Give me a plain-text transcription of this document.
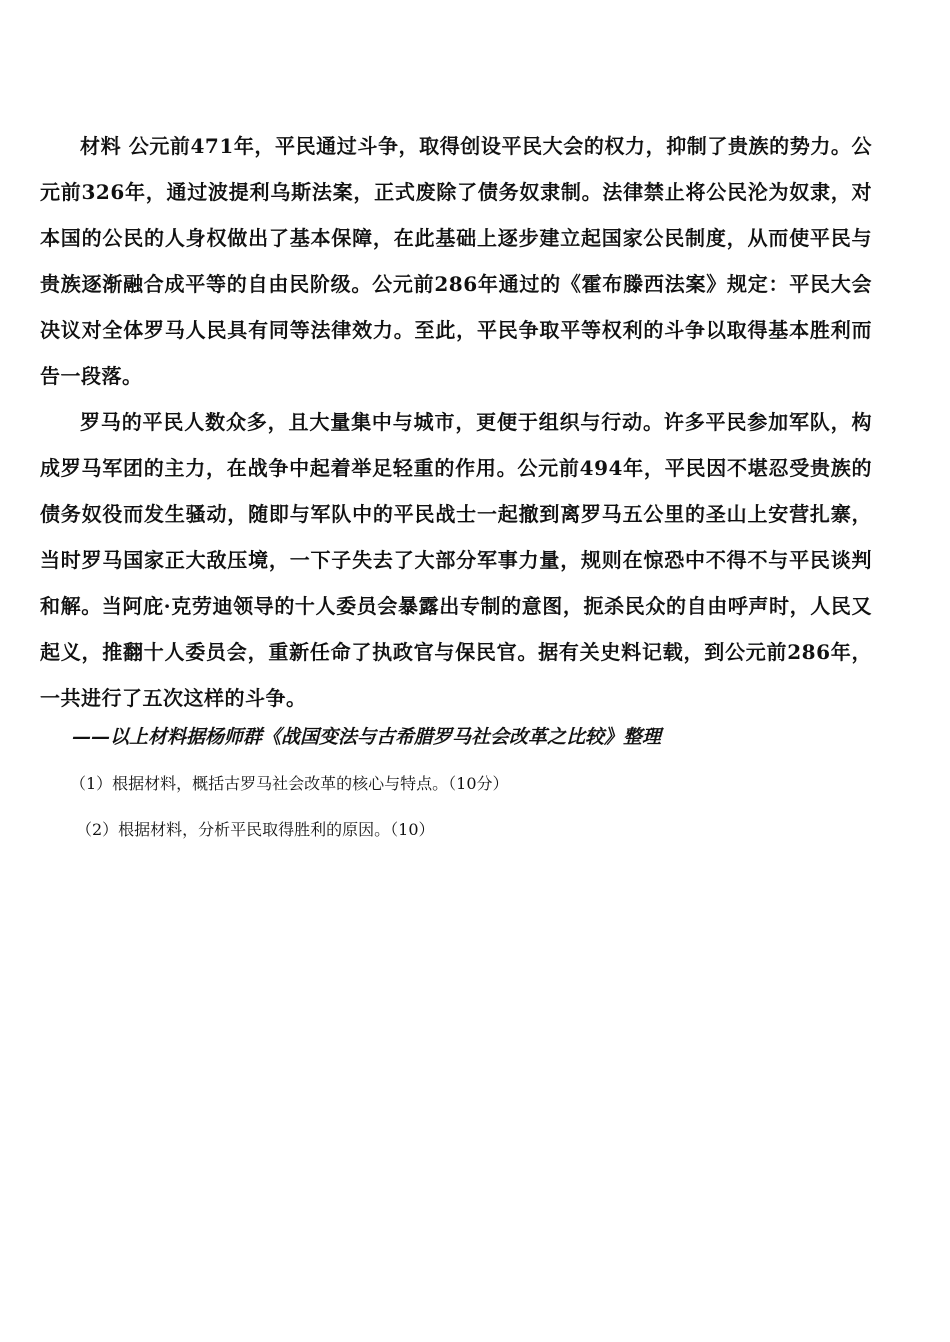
材料 公元前471年，平民通过斗争，取得创设平民大会的权力，抑制了贵族的势力。公元前326年，通过波提利乌斯法案，正式废除了债务奴隶制。法律禁止将公民沦为奴隶，对本国的公民的人身权做出了基本保障，在此基础上逐步建立起国家公民制度，从而使平民与贵族逐渐融合成平等的自由民阶级。公元前286年通过的《霍布滕西法案》规定：平民大会决议对全体罗马人民具有同等法律效力。至此，平民争取平等权利的斗争以取得基本胜利而告一段落。

罗马的平民人数众多，且大量集中与城市，更便于组织与行动。许多平民参加军队，构成罗马军团的主力，在战争中起着举足轻重的作用。公元前494年，平民因不堪忍受贵族的债务奴役而发生骚动，随即与军队中的平民战士一起撤到离罗马五公里的圣山上安营扎寨，当时罗马国家正大敌压境，一下子失去了大部分军事力量，规则在惊恐中不得不与平民谈判和解。当阿庇·克劳迪领导的十人委员会暴露出专制的意图，扼杀民众的自由呼声时，人民又起义，推翻十人委员会，重新任命了执政官与保民官。据有关史料记载，到公元前286年，一共进行了五次这样的斗争。

——以上材料据杨师群《战国变法与古希腊罗马社会改革之比较》整理

（1）根据材料，概括古罗马社会改革的核心与特点。（10分）

（2）根据材料，分析平民取得胜利的原因。（10）
